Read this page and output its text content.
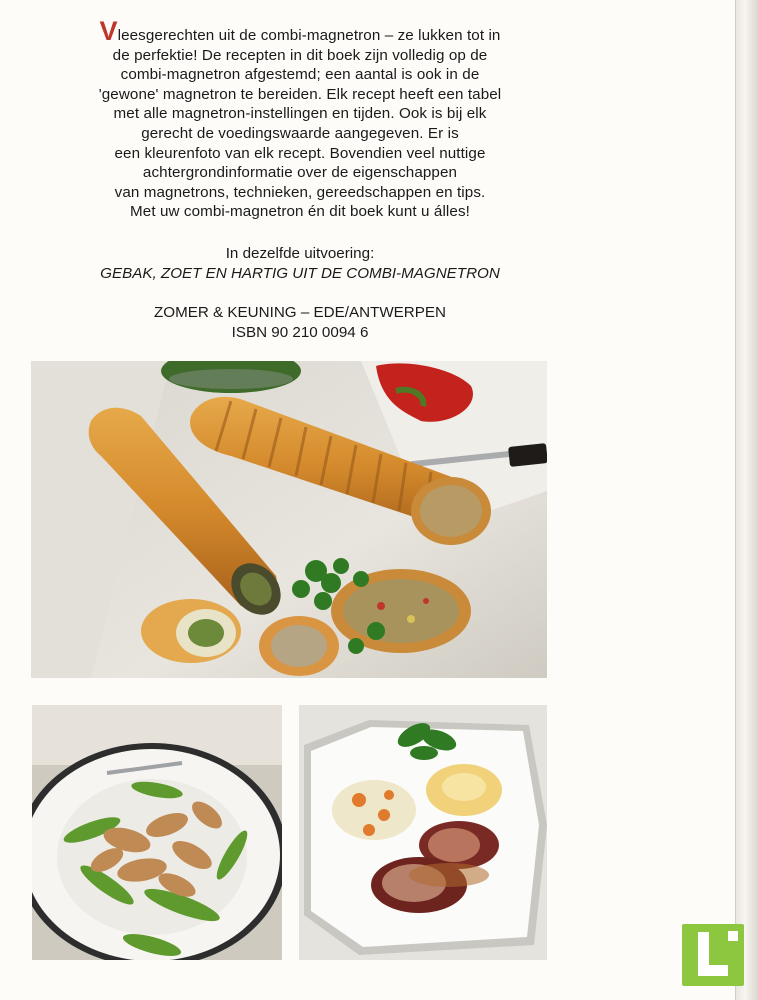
Vleesgerechten uit de combi-magnetron – ze lukken tot in
de perfektie! De recepten in dit boek zijn volledig op de
combi-magnetron afgestemd; een aantal is ook in de
'gewone' magnetron te bereiden. Elk recept heeft een tabel
met alle magnetron-instellingen en tijden. Ook is bij elk
gerecht de voedingswaarde aangegeven. Er is
een kleurenfoto van elk recept. Bovendien veel nuttige
achtergrondinformatie over de eigenschappen
van magnetrons, technieken, gereedschappen en tips.
Met uw combi-magnetron én dit boek kunt u álles!
In dezelfde uitvoering:
GEBAK, ZOET EN HARTIG UIT DE COMBI-MAGNETRON
ZOMER & KEUNING – EDE/ANTWERPEN
ISBN 90 210 0094 6
